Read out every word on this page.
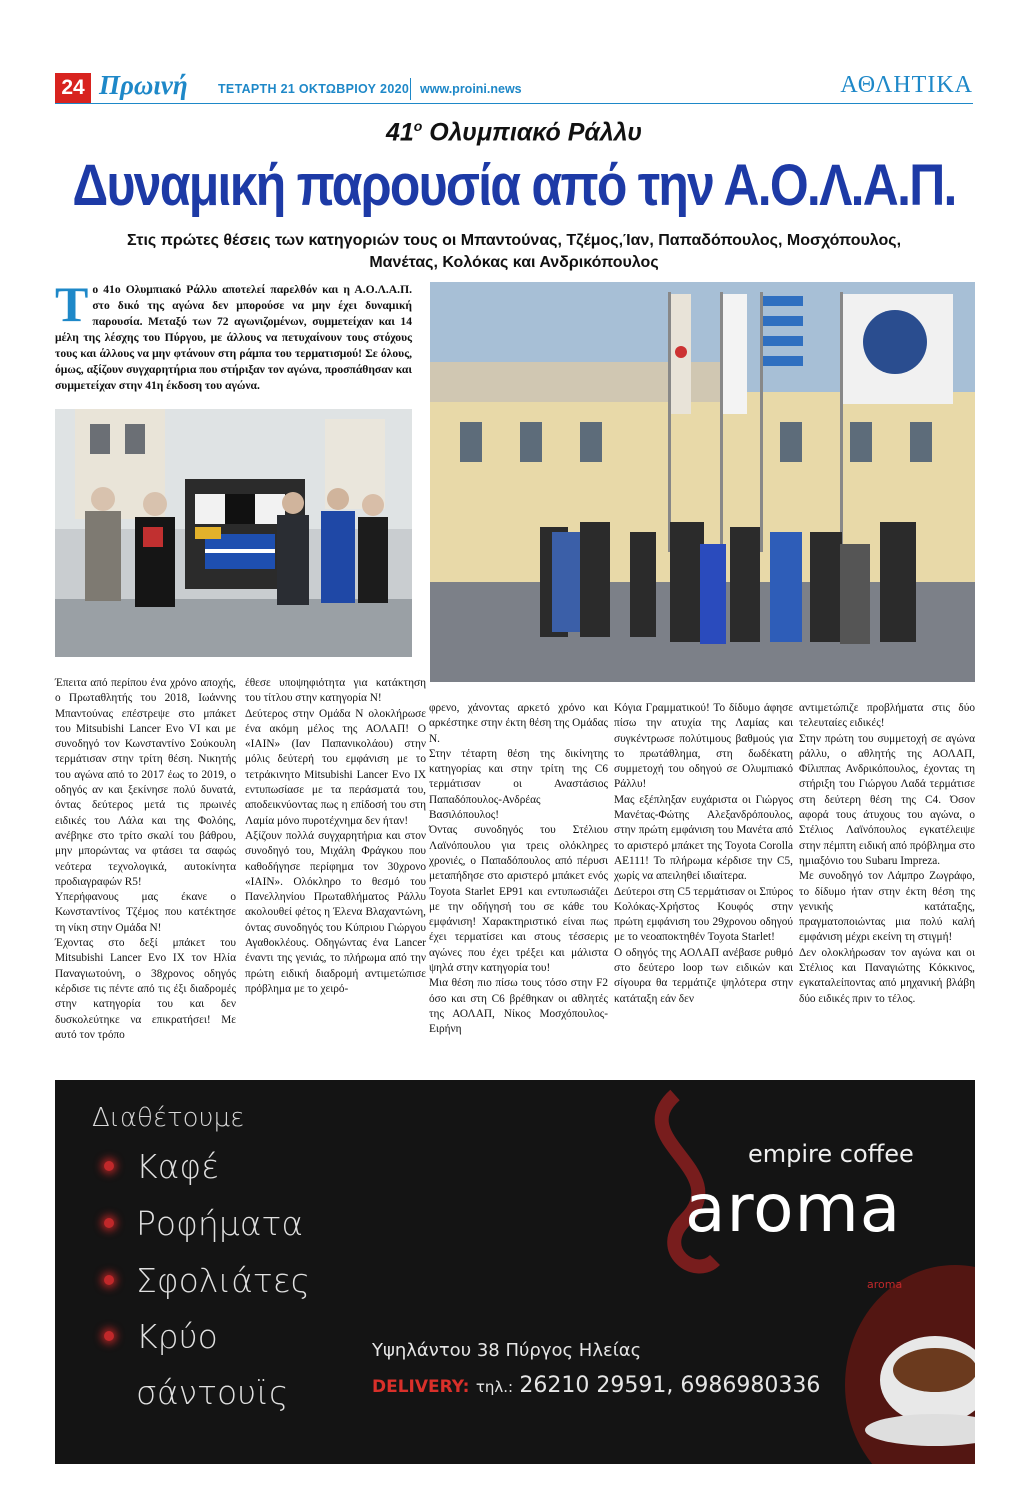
24 Πρωινή ΤΕΤΑΡΤΗ 21 ΟΚΤΩΒΡΙΟΥ 2020 www.proini.news	ΑΘΛΗΤΙΚΑ
$41^o$ Ολυμπιακό Ράλλυ
Δυναμική παρουσία από την Α.Ο.Λ.Α.Π.
Στις πρώτες θέσεις των κατηγοριών τους οι Μπαντούνας, Τζέμος,Ίαν, Παπαδόπουλος, Μοσχόπουλος,
Μανέτας, Κολόκας και Ανδρικόπουλος
Το 41ο Ολυμπιακό Ράλλυ αποτελεί παρελθόν και η Α.Ο.Λ.Α.Π. στο δικό της αγώνα δεν μπορούσε να μην έχει δυναμική παρουσία. Μεταξύ των 72 αγωνιζομένων, συμμετείχαν και 14 μέλη της λέσχης του Πύργου, με άλλους να πετυχαίνουν τους στόχους τους και άλλους να μην φτάνουν στη ράμπα του τερματισμού! Σε όλους, όμως, αξίζουν συγχαρητήρια που στήριξαν τον αγώνα, προσπάθησαν και συμμετείχαν στην 41η έκδοση του αγώνα.

Έπειτα από περίπου ένα χρόνο αποχής, ο Πρωταθλητής του 2018, Ιωάννης Μπαντούνας επέστρεψε στο μπάκετ του Mitsubishi Lancer Evo VI και με συνοδηγό τον Κωνσταντίνο Σούκουλη τερμάτισαν στην τρίτη θέση. Νικητής του αγώνα από το 2017 έως το 2019, ο οδηγός αν και ξεκίνησε πολύ δυνατά, όντας δεύτερος μετά τις πρωινές ειδικές του Λάλα και της Φολόης, ανέβηκε στο τρίτο σκαλί του βάθρου, μην μπορώντας να φτάσει τα σαφώς νεότερα τεχνολογικά, αυτοκίνητα προδιαγραφών R5!

Υπερήφανους μας έκανε ο Κωνσταντίνος Τζέμος που κατέκτησε τη νίκη στην Ομάδα Ν!

Έχοντας στο δεξί μπάκετ του Mitsubishi Lancer Evo IX τον Ηλία Παναγιωτούνη, ο 38χρονος οδηγός κέρδισε τις πέντε από τις έξι διαδρομές στην κατηγορία του και δεν δυσκολεύτηκε να επικρατήσει! Με αυτό τον τρόπο

έθεσε υποψηφιότητα για κατάκτηση του τίτλου στην κατηγορία Ν!

Δεύτερος στην Ομάδα Ν ολοκλήρωσε ένα ακόμη μέλος της ΑΟΛΑΠ! Ο «ΙΑΙΝ» (Ιαν Παπανικολάου) στην μόλις δεύτερή του εμφάνιση με το τετράκινητο Mitsubishi Lancer Evo IX εντυπωσίασε με τα περάσματά του, αποδεικνύοντας πως η επίδοσή του στη Λαμία μόνο πυροτέχνημα δεν ήταν!

Αξίζουν πολλά συγχαρητήρια και στον συνοδηγό του, Μιχάλη Φράγκου που καθοδήγησε περίφημα τον 30χρονο «ΙΑΙΝ». Ολόκληρο το θεσμό του Πανελληνίου Πρωταθλήματος Ράλλυ ακολουθεί φέτος η Έλενα Βλαχαντώνη, όντας συνοδηγός του Κύπριου Γιώργου Αγαθοκλέους. Οδηγώντας ένα Lancer έναντι της γενιάς, το πλήρωμα από την πρώτη ειδική διαδρομή αντιμετώπισε πρόβλημα με το χειρό-

φρενο, χάνοντας αρκετό χρόνο και αρκέστηκε στην έκτη θέση της Ομάδας Ν.

Στην τέταρτη θέση της δικίνητης κατηγορίας και στην τρίτη της C6 τερμάτισαν οι Αναστάσιος Παπαδόπουλος-Ανδρέας Βασιλόπουλος!

Όντας συνοδηγός του Στέλιου Λαϊνόπουλου για τρεις ολόκληρες χρονιές, ο Παπαδόπουλος από πέρυσι μεταπήδησε στο αριστερό μπάκετ ενός Toyota Starlet EP91 και εντυπωσιάζει με την οδήγησή του σε κάθε του εμφάνιση! Χαρακτηριστικό είναι πως έχει τερματίσει και στους τέσσερις αγώνες που έχει τρέξει και μάλιστα ψηλά στην κατηγορία του!

Μια θέση πιο πίσω τους τόσο στην F2 όσο και στη C6 βρέθηκαν οι αθλητές της ΑΟΛΑΠ, Νίκος Μοσχόπουλος-Ειρήνη

Κόγια Γραμματικού! Το δίδυμο άφησε πίσω την ατυχία της Λαμίας και συγκέντρωσε πολύτιμους βαθμούς για το πρωτάθλημα, στη δωδέκατη συμμετοχή του οδηγού σε Ολυμπιακό Ράλλυ!

Μας εξέπληξαν ευχάριστα οι Γιώργος Μανέτας-Φώτης Αλεξανδρόπουλος, στην πρώτη εμφάνιση του Μανέτα από το αριστερό μπάκετ της Toyota Corolla AE111! Το πλήρωμα κέρδισε την C5, χωρίς να απειληθεί ιδιαίτερα.

Δεύτεροι στη C5 τερμάτισαν οι Σπύρος Κολόκας-Χρήστος Κουφός στην πρώτη εμφάνιση του 29χρονου οδηγού με το νεοαποκτηθέν Toyota Starlet!

Ο οδηγός της ΑΟΛΑΠ ανέβασε ρυθμό στο δεύτερο loop των ειδικών και σίγουρα θα τερμάτιζε ψηλότερα στην κατάταξη εάν δεν

αντιμετώπιζε προβλήματα στις δύο τελευταίες ειδικές!

Στην πρώτη του συμμετοχή σε αγώνα ράλλυ, ο αθλητής της ΑΟΛΑΠ, Φίλιππας Ανδρικόπουλος, έχοντας τη στήριξη του Γιώργου Λαδά τερμάτισε στη δεύτερη θέση της C4. Όσον αφορά τους άτυχους του αγώνα, ο Στέλιος Λαϊνόπουλος εγκατέλειψε στην πέμπτη ειδική από πρόβλημα στο ημιαξόνιο του Subaru Impreza.

Με συνοδηγό τον Λάμπρο Ζωγράφο, το δίδυμο ήταν στην έκτη θέση της γενικής κατάταξης, πραγματοποιώντας μια πολύ καλή εμφάνιση μέχρι εκείνη τη στιγμή!

Δεν ολοκλήρωσαν τον αγώνα και οι Στέλιος και Παναγιώτης Κόκκινος, εγκαταλείποντας από μηχανική βλάβη δύο ειδικές πριν το τέλος.

Διαθέτουμε
Καφέ
Ροφήματα
Σφολιάτες
Κρύο
σάντουϊς
empire coffee
aroma
aroma
Υψηλάντου 38 Πύργος Ηλείας
DELIVERY: τηλ.: 26210 29591, 6986980336
